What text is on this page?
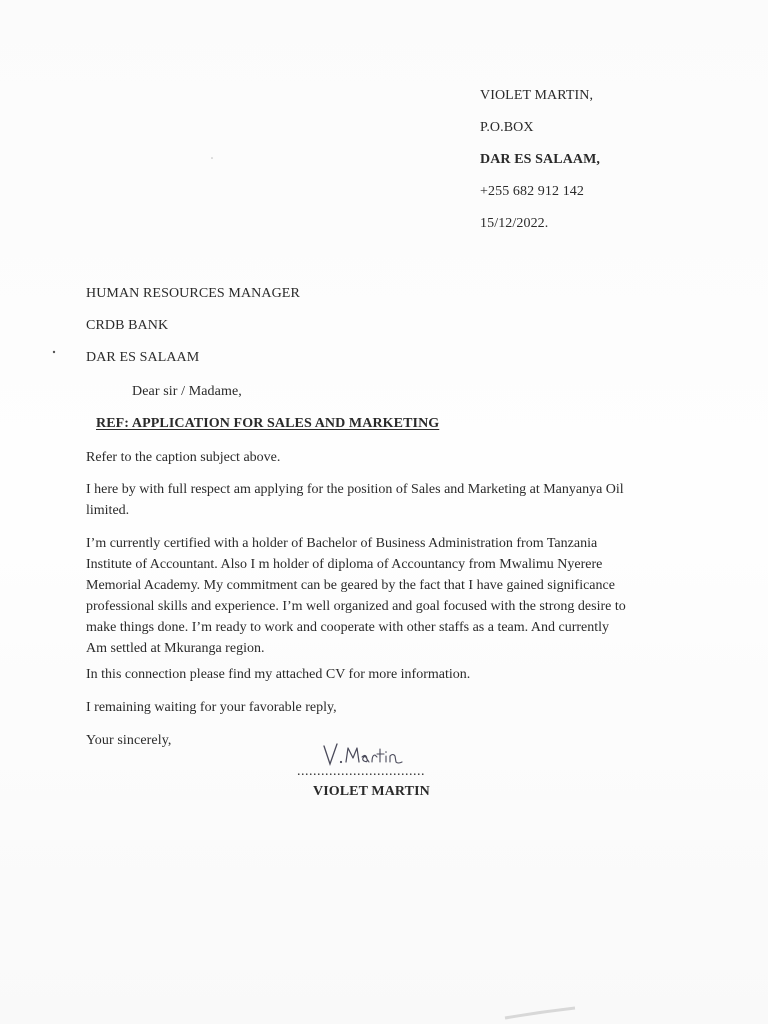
VIOLET MARTIN,
P.O.BOX
DAR ES SALAAM,
+255 682 912 142
15/12/2022.
HUMAN RESOURCES MANAGER
CRDB BANK
DAR ES SALAAM
Dear sir / Madame,
REF: APPLICATION FOR SALES AND MARKETING
Refer to the caption subject above.
I here by with full respect am applying for the position of Sales and Marketing at Manyanya Oil
limited.
I’m currently certified with a holder of Bachelor of Business Administration from Tanzania
Institute of Accountant. Also I m holder of diploma of Accountancy from Mwalimu Nyerere
Memorial Academy. My commitment can be geared by the fact that I have gained significance
professional skills and experience. I’m well organized and goal focused with the strong desire to
make things done. I’m ready to work and cooperate with other staffs as a team. And currently
Am settled at Mkuranga region.
In this connection please find my attached CV for more information.
I remaining waiting for your favorable reply,
Your sincerely,
................................
VIOLET MARTIN
